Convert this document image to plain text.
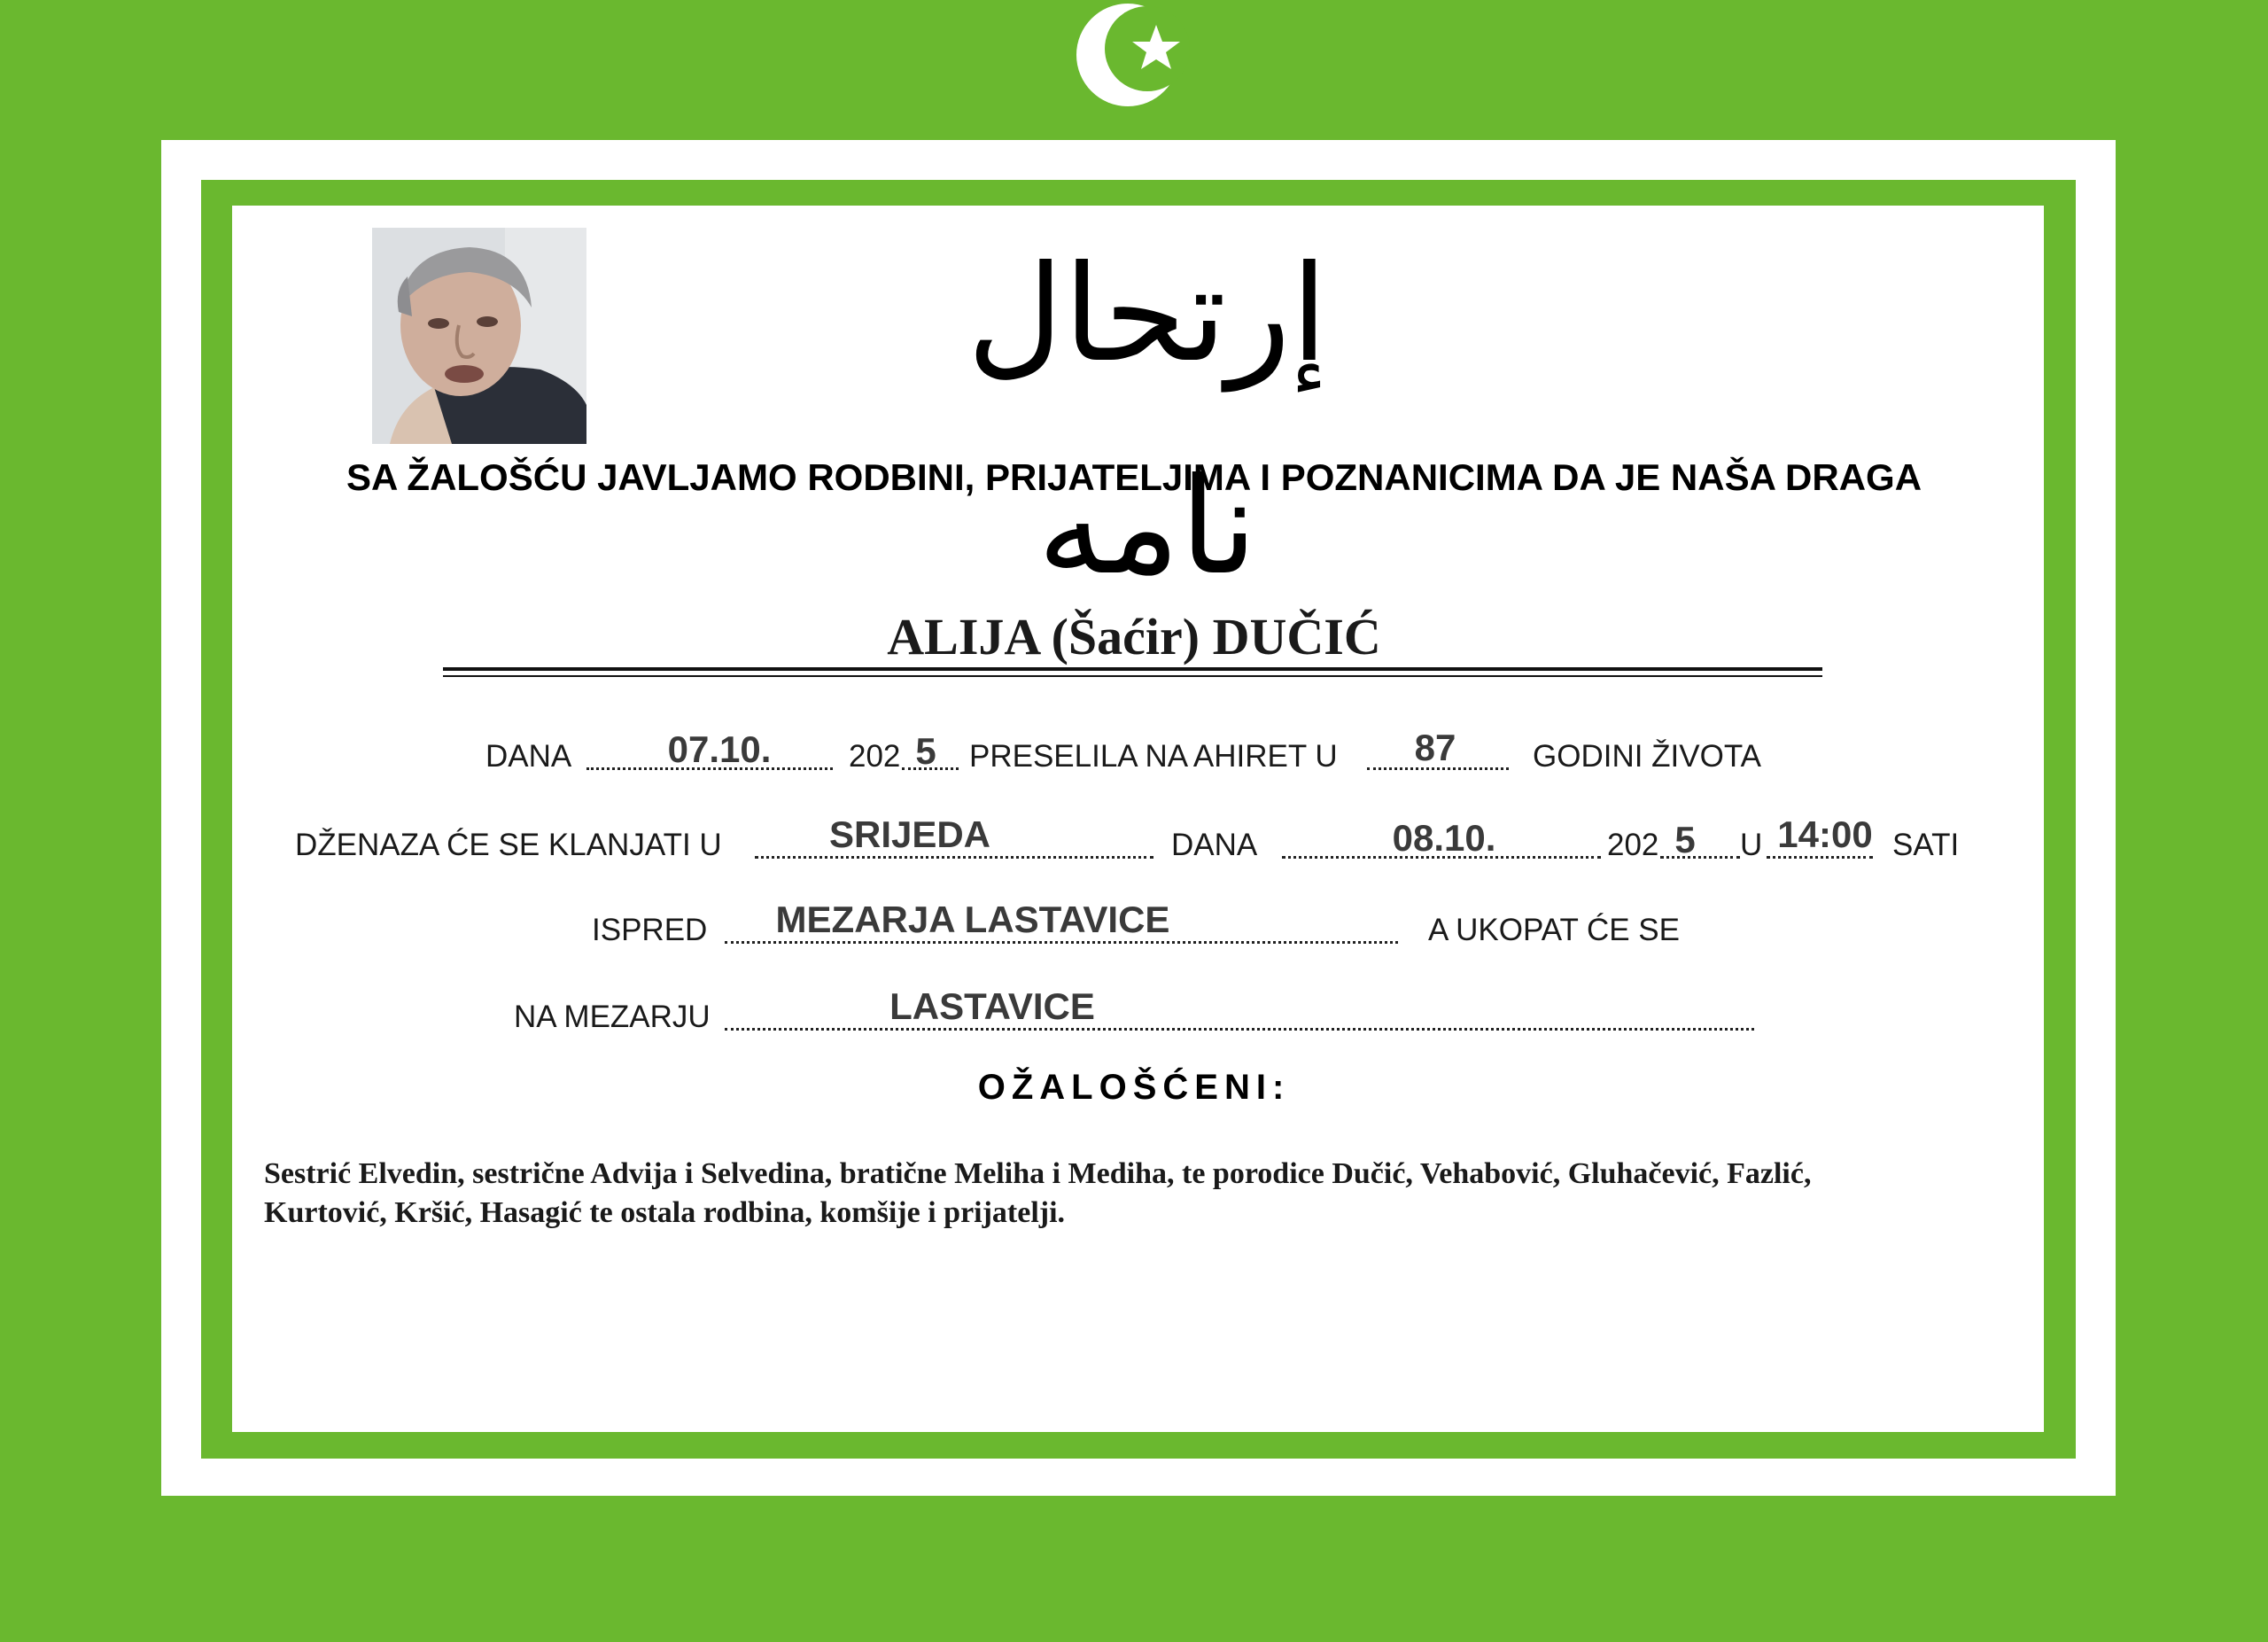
إرتحال نامه
SA ŽALOŠĆU JAVLJAMO RODBINI, PRIJATELJIMA I POZNANICIMA DA JE NAŠA DRAGA
ALIJA (Šaćir) DUČIĆ
DANA	07.10.	202 5	PRESELILA NA AHIRET U	87	GODINI ŽIVOTA
DŽENAZA ĆE SE KLANJATI U	SRIJEDA	DANA	08.10.	202 5	U 14:00 SATI
ISPRED	MEZARJA LASTAVICE	A UKOPAT ĆE SE
NA MEZARJU	LASTAVICE
OŽALOŠĆENI:
Sestrić Elvedin, sestrične Advija i Selvedina, bratične Meliha i Mediha, te porodice Dučić, Vehabović, Gluhačević, Fazlić,
Kurtović, Kršić, Hasagić te ostala rodbina, komšije i prijatelji.
